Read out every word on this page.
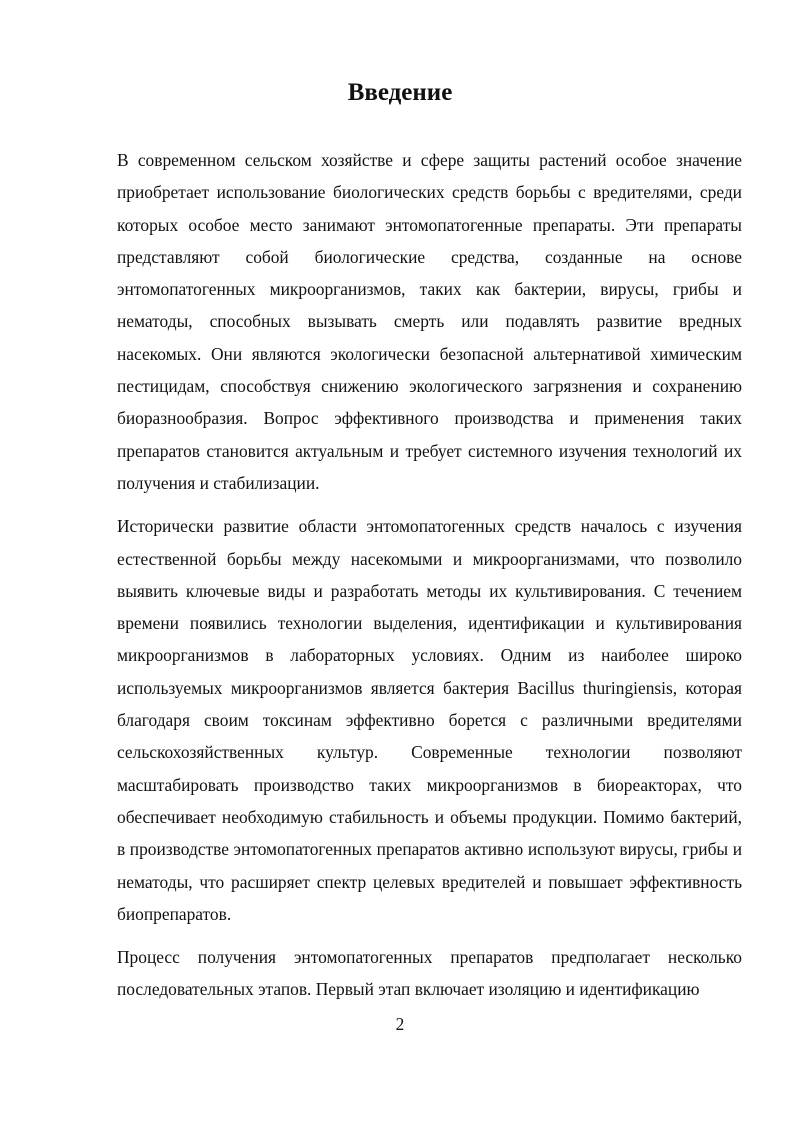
Введение

В современном сельском хозяйстве и сфере защиты растений особое значение приобретает использование биологических средств борьбы с вредителями, среди которых особое место занимают энтомопатогенные препараты. Эти препараты представляют собой биологические средства, созданные на основе энтомопатогенных микроорганизмов, таких как бактерии, вирусы, грибы и нематоды, способных вызывать смерть или подавлять развитие вредных насекомых. Они являются экологически безопасной альтернативой химическим пестицидам, способствуя снижению экологического загрязнения и сохранению биоразнообразия. Вопрос эффективного производства и применения таких препаратов становится актуальным и требует системного изучения технологий их получения и стабилизации.

Исторически развитие области энтомопатогенных средств началось с изучения естественной борьбы между насекомыми и микроорганизмами, что позволило выявить ключевые виды и разработать методы их культивирования. С течением времени появились технологии выделения, идентификации и культивирования микроорганизмов в лабораторных условиях. Одним из наиболее широко используемых микроорганизмов является бактерия Bacillus thuringiensis, которая благодаря своим токсинам эффективно борется с различными вредителями сельскохозяйственных культур. Современные технологии позволяют масштабировать производство таких микроорганизмов в биореакторах, что обеспечивает необходимую стабильность и объемы продукции. Помимо бактерий, в производстве энтомопатогенных препаратов активно используют вирусы, грибы и нематоды, что расширяет спектр целевых вредителей и повышает эффективность биопрепаратов.

Процесс получения энтомопатогенных препаратов предполагает несколько последовательных этапов. Первый этап включает изоляцию и идентификацию

2
